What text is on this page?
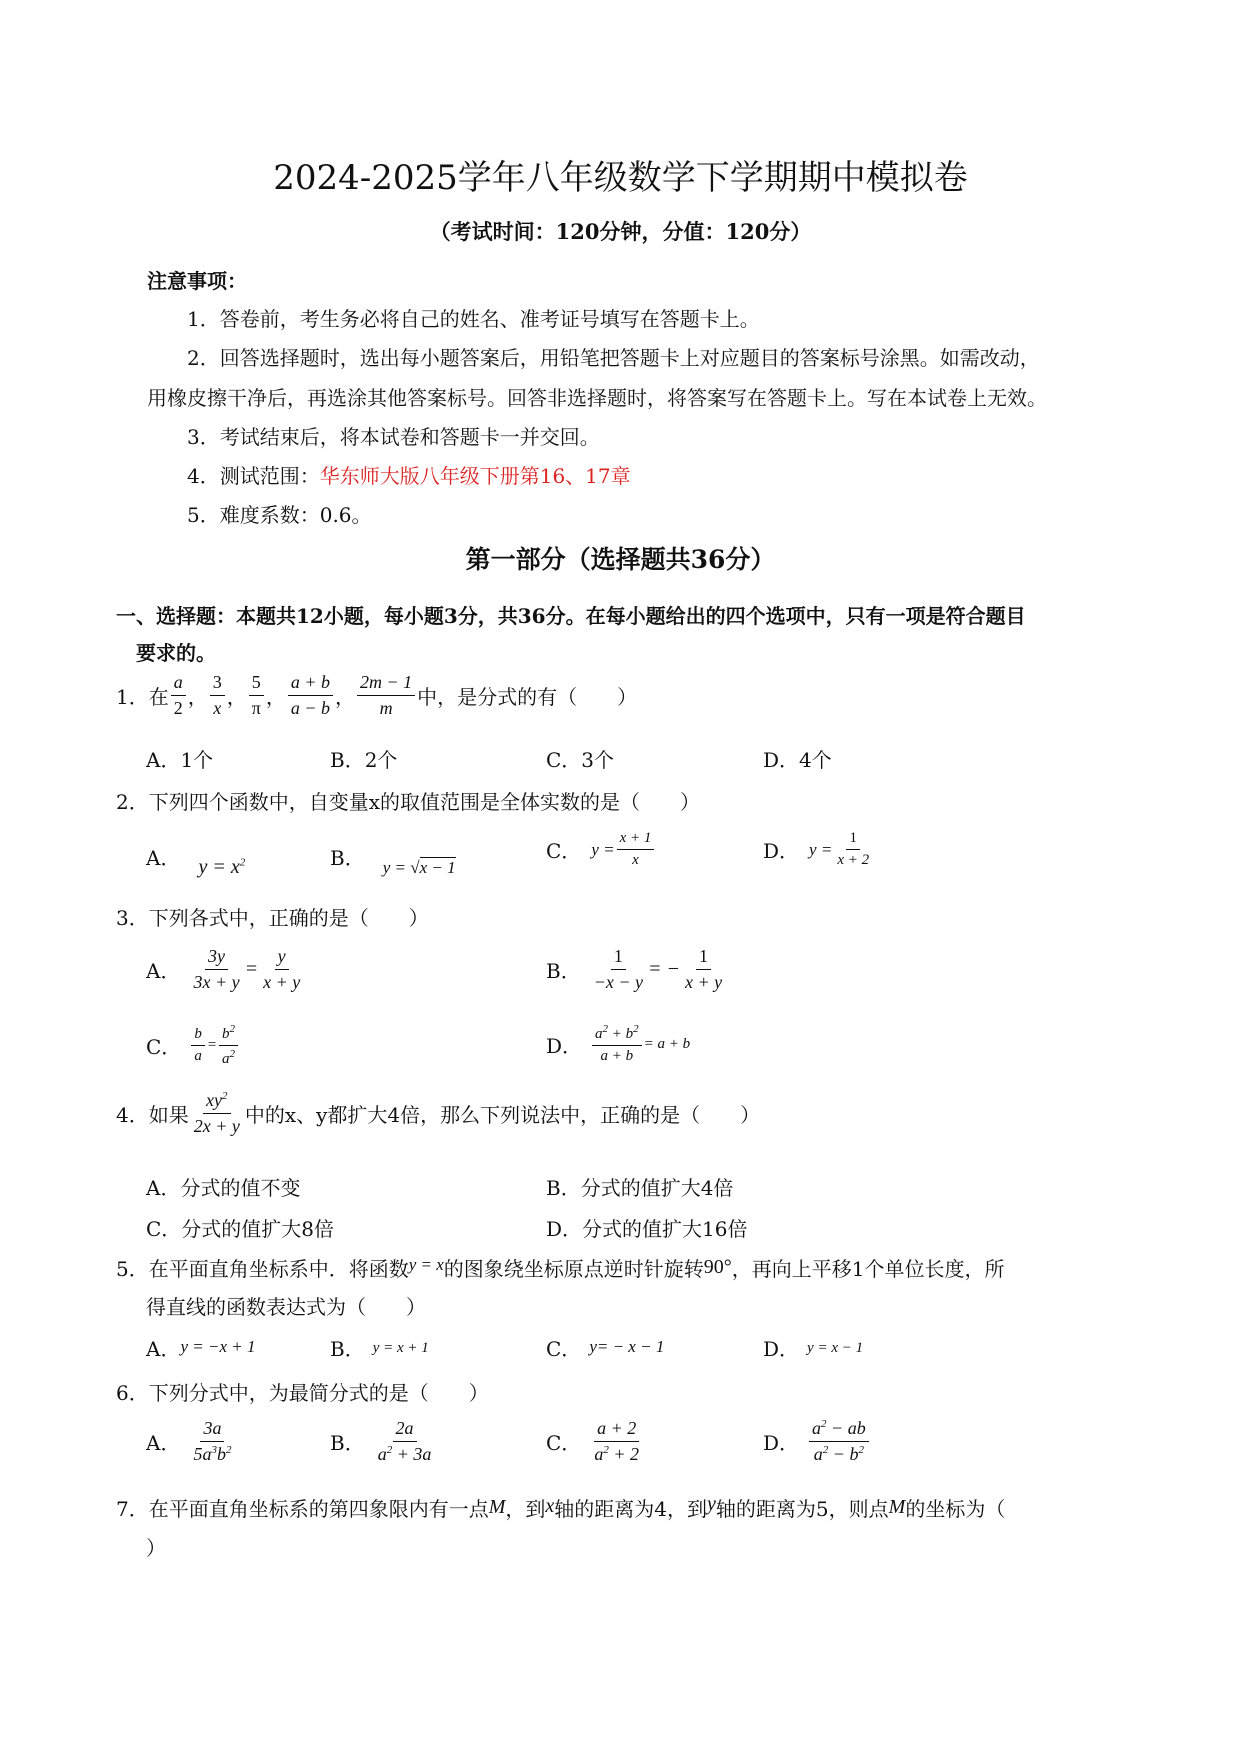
2024-2025学年八年级数学下学期期中模拟卷
（考试时间：120分钟，分值：120分）
注意事项：
1．答卷前，考生务必将自己的姓名、准考证号填写在答题卡上。
2．回答选择题时，选出每小题答案后，用铅笔把答题卡上对应题目的答案标号涂黑。如需改动，
用橡皮擦干净后，再选涂其他答案标号。回答非选择题时，将答案写在答题卡上。写在本试卷上无效。
3．考试结束后，将本试卷和答题卡一并交回。
4．测试范围：华东师大版八年级下册第16、17章
5．难度系数：0.6。
第一部分（选择题共36分）
一、选择题：本题共12小题，每小题3分，共36分。在每小题给出的四个选项中，只有一项是符合题目
要求的。
1． 在 $\frac{a}{2}$ ， $\frac{3}{x}$ ， $\frac{5}{\pi}$ ， $\frac{a + b}{a - b}$ ， $\frac{2m - 1}{m}$ 中，是分式的有（　　）
A．1个	B．2个	C．3个	D．4个
2．下列四个函数中，自变量x的取值范围是全体实数的是（　　）
A． $y = x^2$	B． $_{y = √x - 1}$
C． $y = \frac{x + 1}{x}$	D． $y = \frac{1}{x + 2}$
3．下列各式中，正确的是（　　）
A． $\frac{3y}{3x + y} = \frac{y}{x + y}$	B． $\frac{1}{-x - y}$ = − $\frac{1}{x + y}$
C． $\frac{b}{a} = \frac{b^2}{a^2}$	D． $\frac{a^2 + b^2}{a + b} = a + b$
4． 如果 $\frac{xy^2}{2x + y}$ 中的x、y都扩大4倍，那么下列说法中，正确的是（　　）
A．分式的值不变	B．分式的值扩大4倍
C．分式的值扩大8倍	D．分式的值扩大16倍
5．在平面直角坐标系中．将函数$^{y = x}$的图象绕坐标原点逆时针旋转90°，再向上平移1个单位长度，所
得直线的函数表达式为（　　）
A．$^{y = -x + 1}$	B． $^{y = x + 1}$	C． $^{y= - x - 1}$	D． $^{y = x - 1}$
6．下列分式中，为最简分式的是（　　）
A． $\frac{3a}{5a^3b^2}$	B． $\frac{2a}{a^2 + 3a}$	C． $\frac{a + 2}{a^2 + 2}$	D． $\frac{a^2 - ab}{a^2 - b^2}$
7．在平面直角坐标系的第四象限内有一点M，到x轴的距离为4，到y轴的距离为5，则点M的坐标为（
）
